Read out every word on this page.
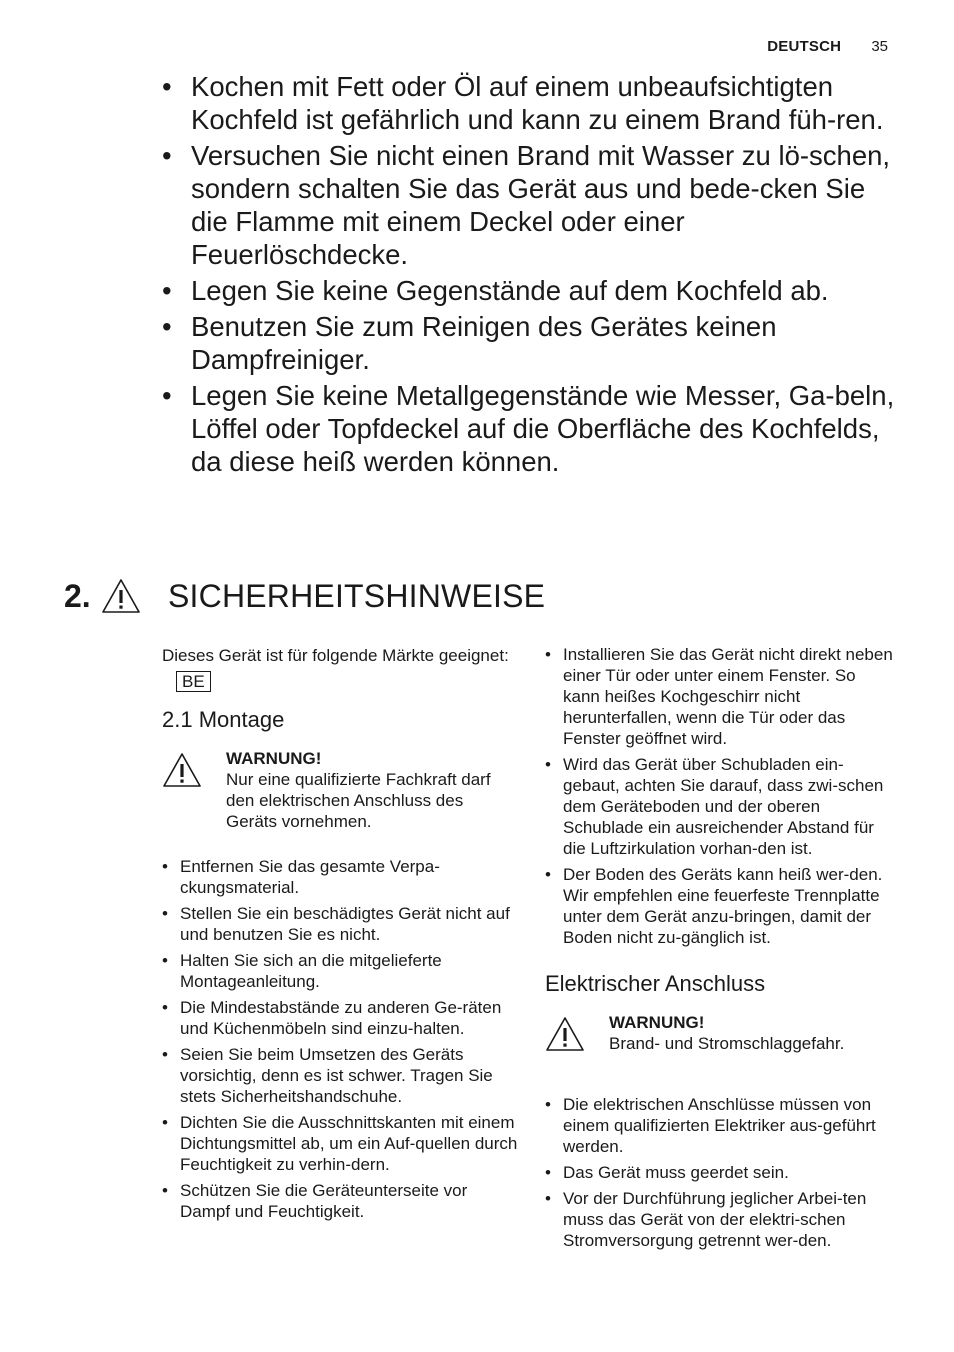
DEUTSCH 35
• Kochen mit Fett oder Öl auf einem unbeaufsichtigten Kochfeld ist gefährlich und kann zu einem Brand füh-ren.
• Versuchen Sie nicht einen Brand mit Wasser zu lö-schen, sondern schalten Sie das Gerät aus und bede-cken Sie die Flamme mit einem Deckel oder einer Feuerlöschdecke.
• Legen Sie keine Gegenstände auf dem Kochfeld ab.
• Benutzen Sie zum Reinigen des Gerätes keinen Dampfreiniger.
• Legen Sie keine Metallgegenstände wie Messer, Ga-beln, Löffel oder Topfdeckel auf die Oberfläche des Kochfelds, da diese heiß werden können.
2. SICHERHEITSHINWEISE

Dieses Gerät ist für folgende Märkte geeignet:BE

2.1 Montage
WARNUNG!
Nur eine qualifizierte Fachkraft darf den elektrischen Anschluss des Geräts vornehmen.
• Entfernen Sie das gesamte Verpa-ckungsmaterial.
• Stellen Sie ein beschädigtes Gerät nicht auf und benutzen Sie es nicht.
• Halten Sie sich an die mitgelieferte Montageanleitung.
• Die Mindestabstände zu anderen Ge-räten und Küchenmöbeln sind einzu-halten.
• Seien Sie beim Umsetzen des Geräts vorsichtig, denn es ist schwer. Tragen Sie stets Sicherheitshandschuhe.
• Dichten Sie die Ausschnittskanten mit einem Dichtungsmittel ab, um ein Auf-quellen durch Feuchtigkeit zu verhin-dern.
• Schützen Sie die Geräteunterseite vor Dampf und Feuchtigkeit.
• Installieren Sie das Gerät nicht direkt neben einer Tür oder unter einem Fenster. So kann heißes Kochgeschirr nicht herunterfallen, wenn die Tür oder das Fenster geöffnet wird.
• Wird das Gerät über Schubladen ein-gebaut, achten Sie darauf, dass zwi-schen dem Geräteboden und der oberen Schublade ein ausreichender Abstand für die Luftzirkulation vorhan-den ist.
• Der Boden des Geräts kann heiß wer-den. Wir empfehlen eine feuerfeste Trennplatte unter dem Gerät anzu-bringen, damit der Boden nicht zu-gänglich ist.
Elektrischer Anschluss
WARNUNG!
Brand- und Stromschlaggefahr.
• Die elektrischen Anschlüsse müssen von einem qualifizierten Elektriker aus-geführt werden.
• Das Gerät muss geerdet sein.
• Vor der Durchführung jeglicher Arbei-ten muss das Gerät von der elektri-schen Stromversorgung getrennt wer-den.
